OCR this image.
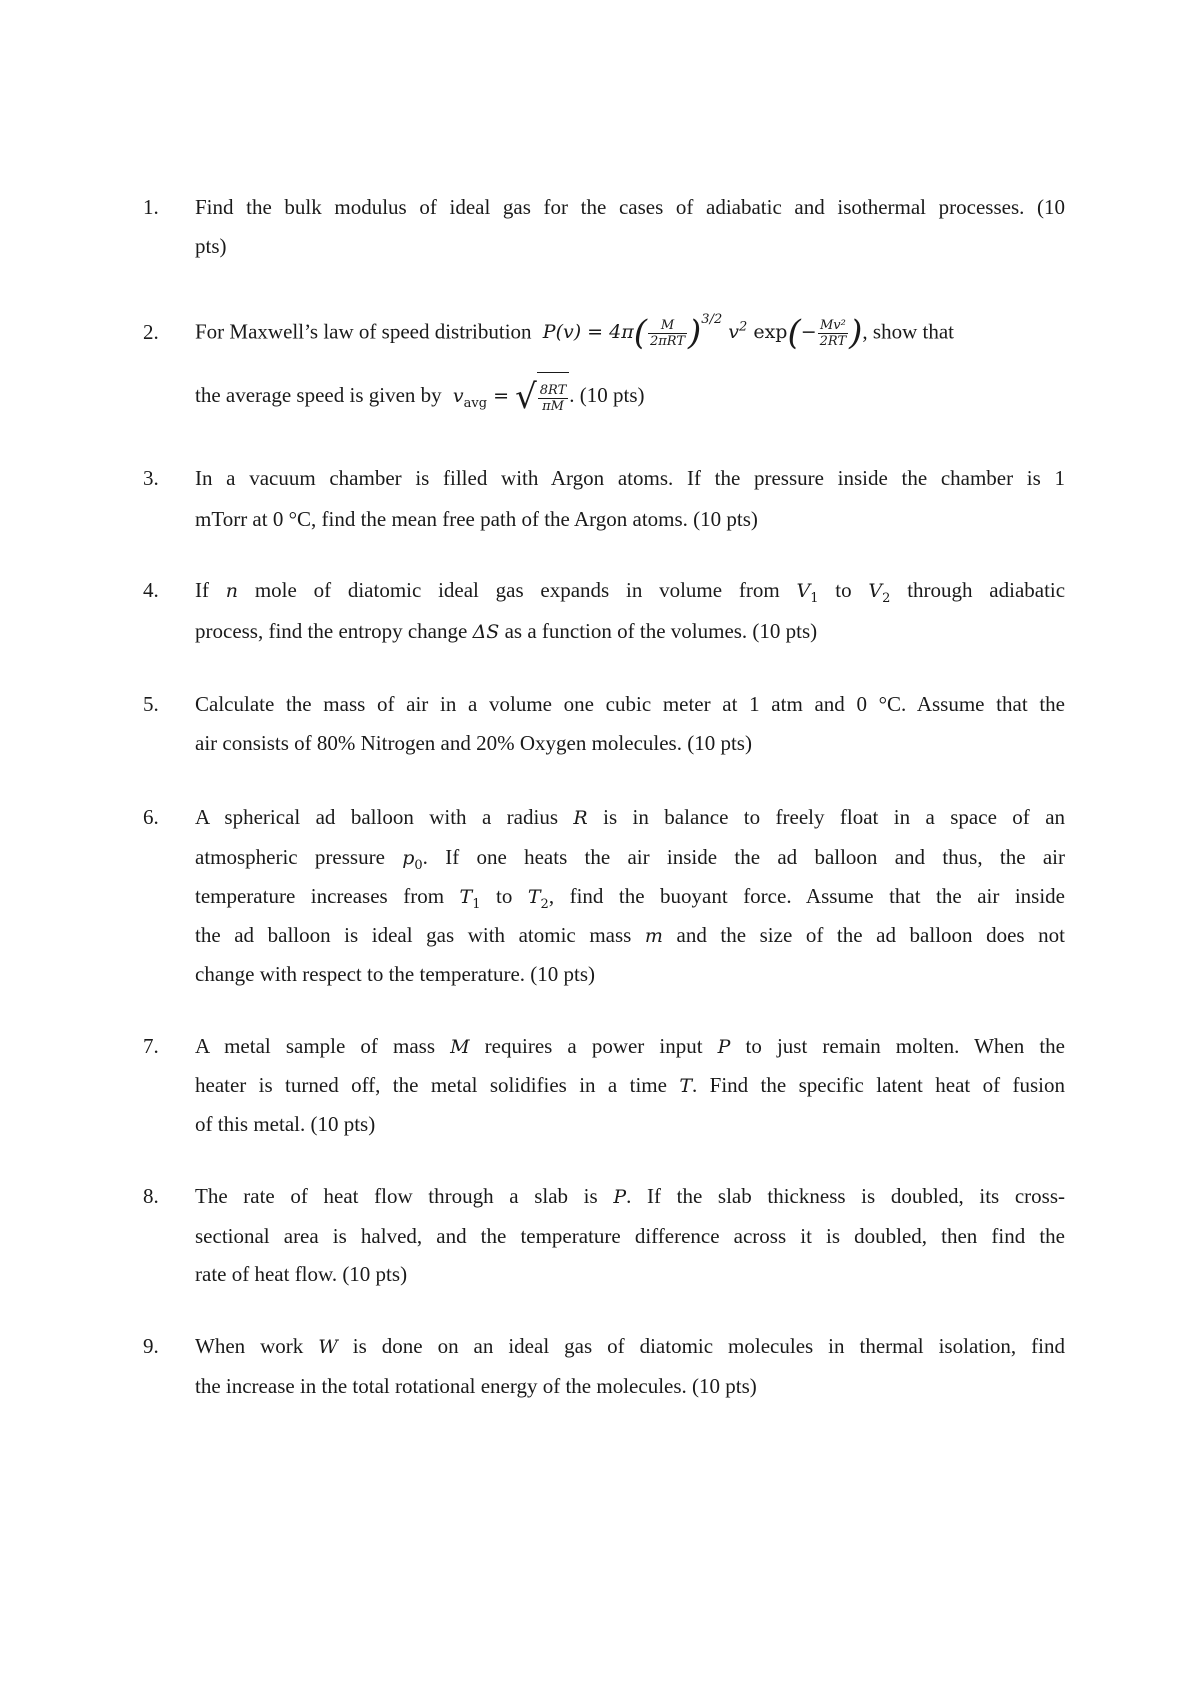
1. Find the bulk modulus of ideal gas for the cases of adiabatic and isothermal processes. (10
pts)
2. For Maxwell’s law of speed distribution $P(v) = 4\pi( \frac{M}{\text{2πRT}} )^{3/2}$ $v^2$ $\exp(- \frac{\text{Mv²}}{2RT}$ ), show that
the average speed is given by $v_{avg}$ = √ $\frac{8RT}{\pi M}$ . (10 pts)
3. In a vacuum chamber is filled with Argon atoms. If the pressure inside the chamber is 1
mTorr at 0 °C, find the mean free path of the Argon atoms. (10 pts)
4. If n mole of diatomic ideal gas expands in volume from $V_1$ to $V_2$ through adiabatic
process, find the entropy change ΔS as a function of the volumes. (10 pts)
5. Calculate the mass of air in a volume one cubic meter at 1 atm and 0 °C. Assume that the
air consists of 80% Nitrogen and 20% Oxygen molecules. (10 pts)
6. A spherical ad balloon with a radius R is in balance to freely float in a space of an
atmospheric pressure $p_0$. If one heats the air inside the ad balloon and thus, the air
temperature increases from $T_1$ to $T_2$, find the buoyant force. Assume that the air inside
the ad balloon is ideal gas with atomic mass m and the size of the ad balloon does not
change with respect to the temperature. (10 pts)
7. A metal sample of mass M requires a power input P to just remain molten. When the
heater is turned off, the metal solidifies in a time T. Find the specific latent heat of fusion
of this metal. (10 pts)
8. The rate of heat flow through a slab is P. If the slab thickness is doubled, its cross-
sectional area is halved, and the temperature difference across it is doubled, then find the
rate of heat flow. (10 pts)
9. When work W is done on an ideal gas of diatomic molecules in thermal isolation, find
the increase in the total rotational energy of the molecules. (10 pts)
